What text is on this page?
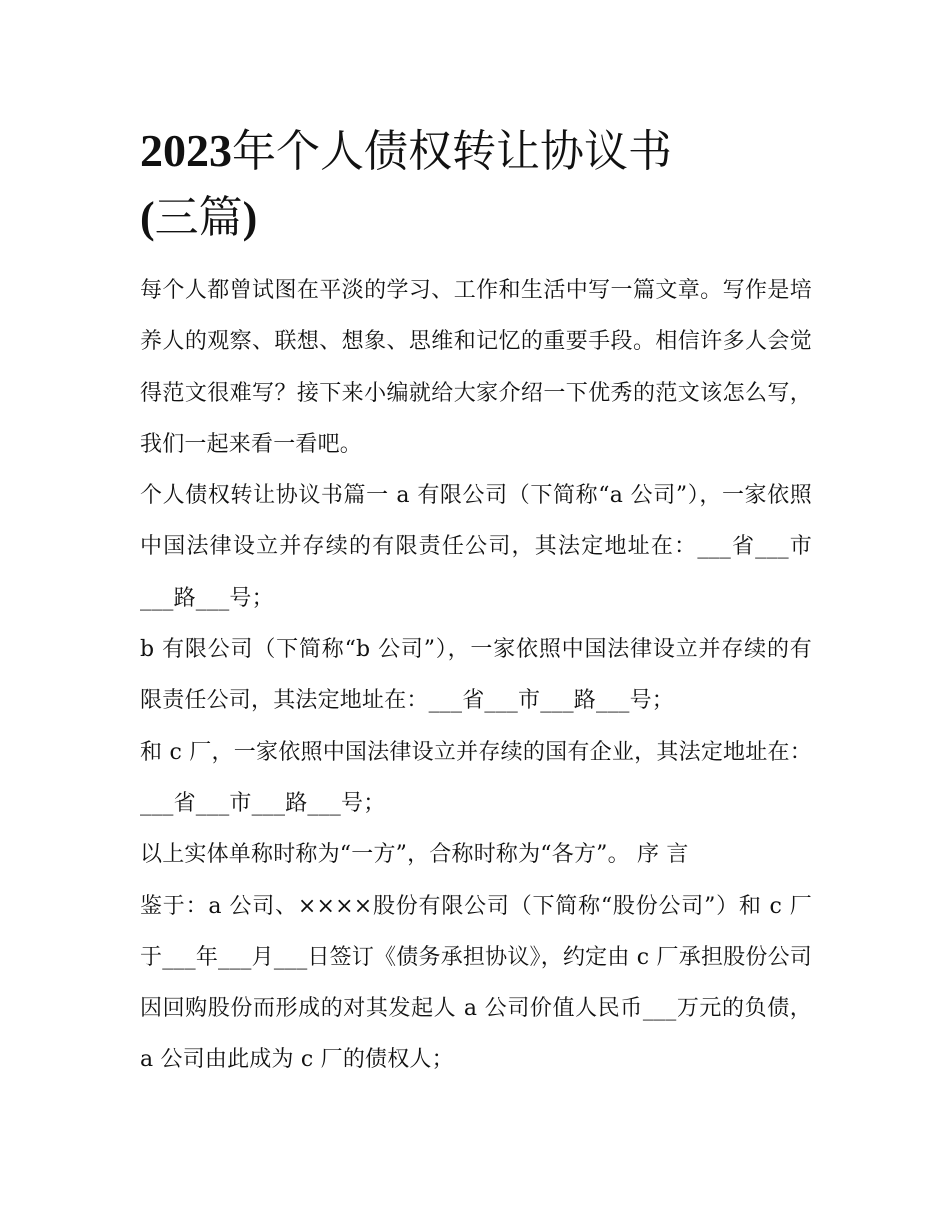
2023年个人债权转让协议书
(三篇)

每个人都曾试图在平淡的学习、工作和生活中写一篇文章。写作是培养人的观察、联想、想象、思维和记忆的重要手段。相信许多人会觉得范文很难写？接下来小编就给大家介绍一下优秀的范文该怎么写，我们一起来看一看吧。

个人债权转让协议书篇一 a 有限公司（下简称“a 公司”），一家依照中国法律设立并存续的有限责任公司，其法定地址在：___省___市___路___号；

b 有限公司（下简称“b 公司”），一家依照中国法律设立并存续的有限责任公司，其法定地址在：___省___市___路___号；

和 c 厂，一家依照中国法律设立并存续的国有企业，其法定地址在：___省___市___路___号；

以上实体单称时称为“一方”，合称时称为“各方”。 序 言

鉴于：a 公司、××××股份有限公司（下简称“股份公司”）和 c 厂于___年___月___日签订《债务承担协议》，约定由 c 厂承担股份公司因回购股份而形成的对其发起人 a 公司价值人民币___万元的负债，a 公司由此成为 c 厂的债权人；
